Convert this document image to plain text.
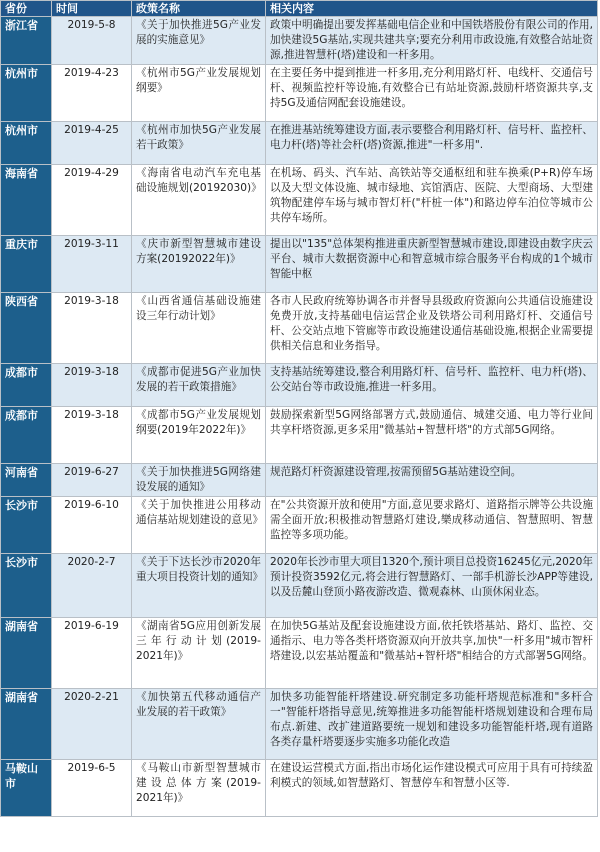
省份	时间	政策名称	相关内容
浙江省	2019-5-8	《关于加快推进5G产业发展的实施意见》	政策中明确提出要发挥基础电信企业和中国铁塔股份有限公司的作用,加快建设5G基站,实现共建共享;要充分利用市政设施,有效整合站址资源,推进智慧杆(塔)建设和一杆多用。
杭州市	2019-4-23	《杭州市5G产业发展规划纲要》	在主要任务中提到推进一杆多用,充分利用路灯杆、电线杆、交通信号杆、视频监控杆等设施,有效整合已有站址资源,鼓励杆塔资源共享,支持5G及通信网配套设施建设。
杭州市	2019-4-25	《杭州市加快5G产业发展若干政策》	在推进基站统筹建设方面,表示要整合利用路灯杆、信号杆、监控杆、电力杆(塔)等社会杆(塔)资源,推进"一杆多用".
海南省	2019-4-29	《海南省电动汽车充电基础设施规划(20192030)》	在机场、码头、汽车站、高铁站等交通枢纽和驻车换乘(P+R)停车场以及大型文体设施、城市绿地、宾馆酒店、医院、大型商场、大型建筑物配建停车场与城市智灯杆("杆桩一体")和路边停车泊位等城市公共停车场所。
重庆市	2019-3-11	《庆市新型智慧城市建设方案(20192022年)》	提出以"135"总体架构推进重庆新型智慧城市建设,即建设由数字庆云平台、城市大数据资源中心和智意城市综合服务平台构成的1个城市智能中枢
陕西省	2019-3-18	《山西省通信基础设施建设三年行动计划》	各市人民政府统筹协调各市并督导县级政府资源向公共通信设施建设免费开放,支持基础电信运营企业及铁塔公司利用路灯杆、交通信号杆、公交站点地下管廊等市政设施建设通信基础设施,根据企业需要提供相关信息和业务指导。
成都市	2019-3-18	《成都市促进5G产业加快发展的若干政策措施》	支持基站统筹建设,整合利用路灯杆、信号杆、监控杆、电力杆(塔)、公交站台等市政设施,推进一杆多用。
成都市	2019-3-18	《成都市5G产业发展规划纲要(2019年2022年)》	鼓励探索新型5G网络部署方式,鼓励通信、城建交通、电力等行业间共享杆塔资源,更多采用"微基站+智慧杆塔"的方式部5G网络。
河南省	2019-6-27	《关于加快推进5G网络建设发展的通知》	规范路灯杆资源建设管理,按需预留5G基站建设空间。
长沙市	2019-6-10	《关于加快推进公用移动通信基站规划建设的意见》	在"公共资源开放和使用"方面,意见要求路灯、道路指示牌等公共设施需全面开放;积极推动智慧路灯建设,樂成移动通信、智慧照明、智慧监控等多项功能。
长沙市	2020-2-7	《关于下达长沙市2020年重大项目投资计划的通知》	2020年长沙市里大项目1320个,预计项目总投资16245亿元,2020年预计投资3592亿元,将会进行智慧路灯、一部手机游长沙APP等建设,以及岳麓山登顶小路夜游改造、微观森林、山顶休闲业态。
湖南省	2019-6-19	《湖南省5G应用创新发展三年行动计划(2019-2021年)》	在加快5G基站及配套设施建设方面,依托铁塔基站、路灯、监控、交通指示、电力等各类杆塔资源双向开放共享,加快"一杆多用"城市智杆塔建设,以宏基站覆盖和"微基站+智杆塔"相结合的方式部署5G网络。
湖南省	2020-2-21	《加快第五代移动通信产业发展的若干政策》	加快多功能智能杆塔建设.研究制定多功能杆塔规范标准和"多杆合一"智能杆塔指导意见,统筹推进多功能智能杆塔规划建设和合理布局布点.新建、改扩建道路要统一规划和建设多功能智能杆塔,现有道路各类存量杆塔要逐步实施多功能化改造
马鞍山市	2019-6-5	《马鞍山市新型智慧城市建设总体方案(2019-2021年)》	在建设运营模式方面,指出市场化运作建设模式可应用于具有可持续盈利模式的领域,如智慧路灯、智慧停车和智慧小区等.
